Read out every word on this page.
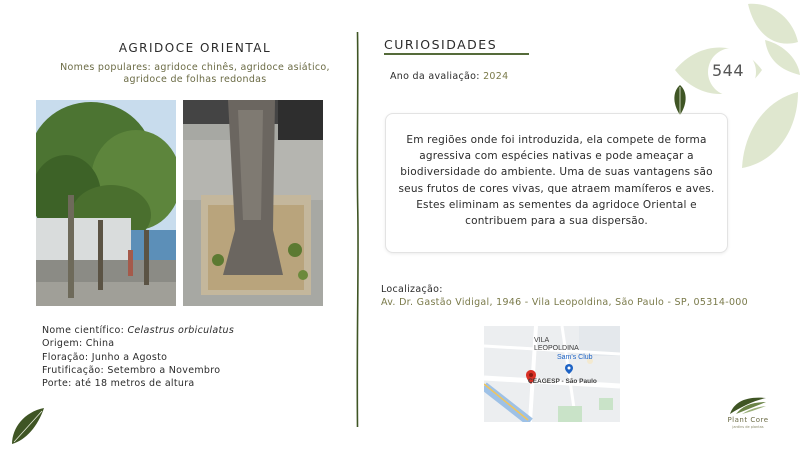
AGRIDOCE ORIENTAL
Nomes populares: agridoce chinês, agridoce asiático, agridoce de folhas redondas
Nome científico: Celastrus orbiculatus
Origem: China
Floração: Junho a Agosto
Frutificação: Setembro a Novembro
Porte: até 18 metros de altura
CURIOSIDADES
Ano da avaliação: 2024
Em regiões onde foi introduzida, ela compete de forma agressiva com espécies nativas e pode ameaçar a biodiversidade do ambiente. Uma de suas vantagens são seus frutos de cores vivas, que atraem mamíferos e aves. Estes eliminam as sementes da agridoce Oriental e contribuem para a sua dispersão.
Localização:
Av. Dr. Gastão Vidigal, 1946 - Vila Leopoldina, São Paulo - SP, 05314-000
VILA
LEOPOLDINA
Sam's Club
CEAGESP - São Paulo
544
Plant Core
jardins de plantas
